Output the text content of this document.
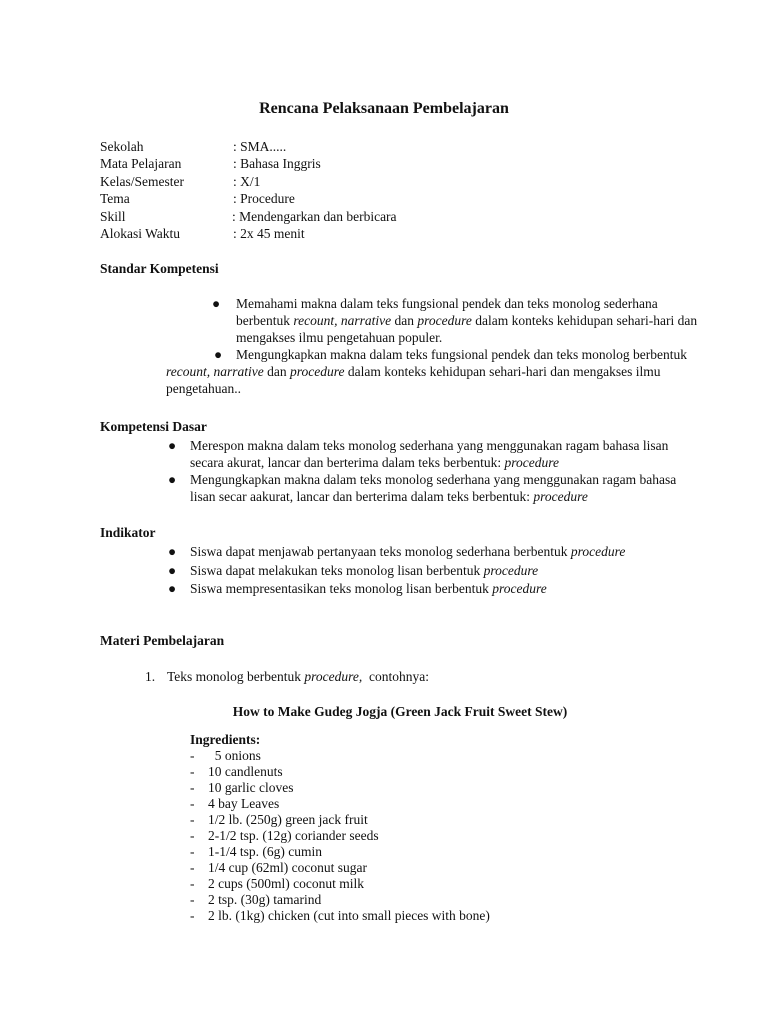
Rencana Pelaksanaan Pembelajaran
Sekolah	: SMA.....
Mata Pelajaran	: Bahasa Inggris
Kelas/Semester	: X/1
Tema	: Procedure
Skill	: Mendengarkan dan berbicara
Alokasi Waktu	: 2x 45 menit
Standar Kompetensi
● Memahami makna dalam teks fungsional pendek dan teks monolog sederhana berbentuk recount, narrative dan procedure dalam konteks kehidupan sehari-hari dan mengakses ilmu pengetahuan populer.
● Mengungkapkan makna dalam teks fungsional pendek dan teks monolog berbentuk recount, narrative dan procedure dalam konteks kehidupan sehari-hari dan mengakses ilmu pengetahuan..
Kompetensi Dasar
● Merespon makna dalam teks monolog sederhana yang menggunakan ragam bahasa lisan secara akurat, lancar dan berterima dalam teks berbentuk: procedure
● Mengungkapkan makna dalam teks monolog sederhana yang menggunakan ragam bahasa lisan secar aakurat, lancar dan berterima dalam teks berbentuk: procedure
Indikator
● Siswa dapat menjawab pertanyaan teks monolog sederhana berbentuk procedure
● Siswa dapat melakukan teks monolog lisan berbentuk procedure
● Siswa mempresentasikan teks monolog lisan berbentuk procedure
Materi Pembelajaran
1. Teks monolog berbentuk procedure,  contohnya:
How to Make Gudeg Jogja (Green Jack Fruit Sweet Stew)
Ingredients:
-  5 onions
- 10 candlenuts
- 10 garlic cloves
- 4 bay Leaves
- 1/2 lb. (250g) green jack fruit
- 2-1/2 tsp. (12g) coriander seeds
- 1-1/4 tsp. (6g) cumin
- 1/4 cup (62ml) coconut sugar
- 2 cups (500ml) coconut milk
- 2 tsp. (30g) tamarind
- 2 lb. (1kg) chicken (cut into small pieces with bone)
